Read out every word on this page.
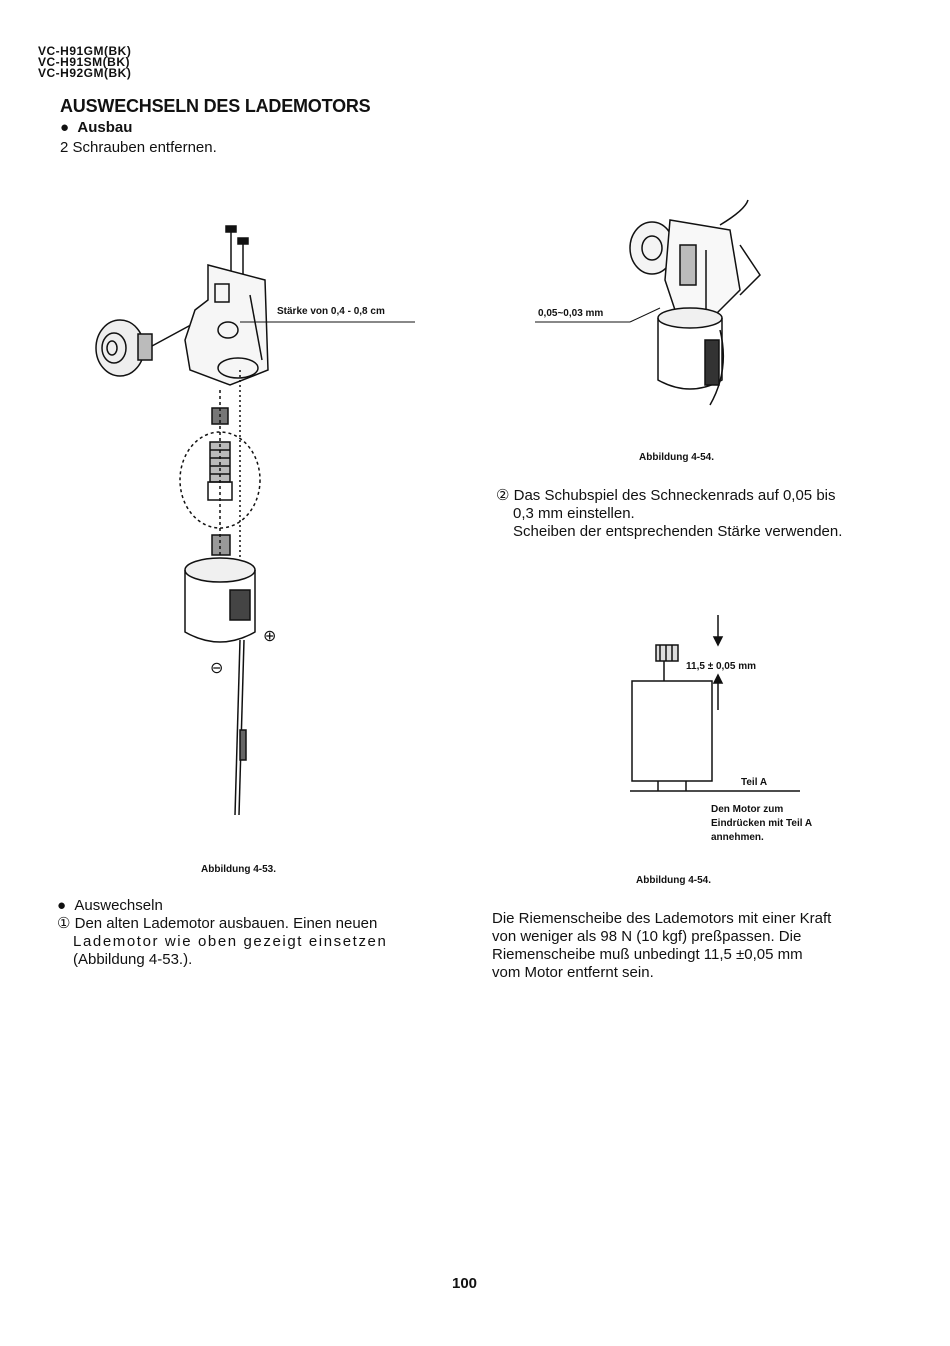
VC-H91GM(BK)
VC-H91SM(BK)
VC-H92GM(BK)
AUSWECHSELN DES LADEMOTORS
●  Ausbau
2 Schrauben entfernen.
Stärke von 0,4 - 0,8 cm
⊕
⊖
Abbildung 4-53.
0,05~0,03 mm
Abbildung 4-54.
② Das Schubspiel des Schneckenrads auf 0,05 bis
0,3 mm einstellen.
Scheiben der entsprechenden Stärke verwenden.
11,5 ± 0,05 mm
Teil A
Den Motor zum
Eindrücken mit Teil A
annehmen.
Abbildung 4-54.
●  Auswechseln
① Den alten Lademotor ausbauen. Einen neuen
Lademotor wie oben gezeigt einsetzen
(Abbildung 4-53.).
Die Riemenscheibe des Lademotors mit einer Kraft
von weniger als 98 N (10 kgf) preßpassen. Die
Riemenscheibe muß unbedingt 11,5 ±0,05 mm
vom Motor entfernt sein.
100
